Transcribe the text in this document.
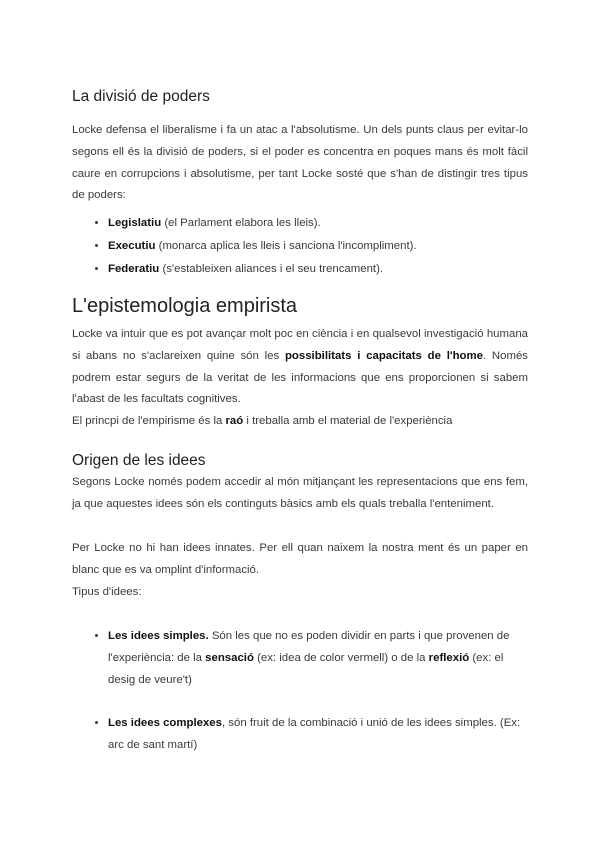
La divisió de poders

Locke defensa el liberalisme i fa un atac a l'absolutisme. Un dels punts claus per evitar-lo segons ell és la divisió de poders, si el poder es concentra en poques mans és molt fàcil caure en corrupcions i absolutisme, per tant Locke sosté que s'han de distingir tres tipus de poders:

• Legislatiu (el Parlament elabora les lleis).
• Executiu (monarca aplica les lleis i sanciona l'incompliment).
• Federatiu (s'estableixen aliances i el seu trencament).
L'epistemologia empirista

Locke va intuir que es pot avançar molt poc en ciència i en qualsevol investigació humana si abans no s'aclareixen quine són les possibilitats i capacitats de l'home. Només podrem estar segurs de la veritat de les informacions que ens proporcionen si sabem l'abast de les facultats cognitives.

El princpi de l'empirisme és la raó i treballa amb el material de l'experiència

Origen de les idees

Segons Locke només podem accedir al món mitjançant les representacions que ens fem, ja que aquestes idees són els continguts bàsics amb els quals treballa l'enteniment.

Per Locke no hi han idees innates. Per ell quan naixem la nostra ment és un paper en blanc que es va omplint d'informació.

Tipus d'idees:

• Les idees simples. Són les que no es poden dividir en parts i que provenen de l'experiència: de la sensació (ex: idea de color vermell) o de la reflexió (ex: el desig de veure't)
• Les idees complexes, són fruit de la combinació i unió de les idees simples. (Ex: arc de sant martí)
